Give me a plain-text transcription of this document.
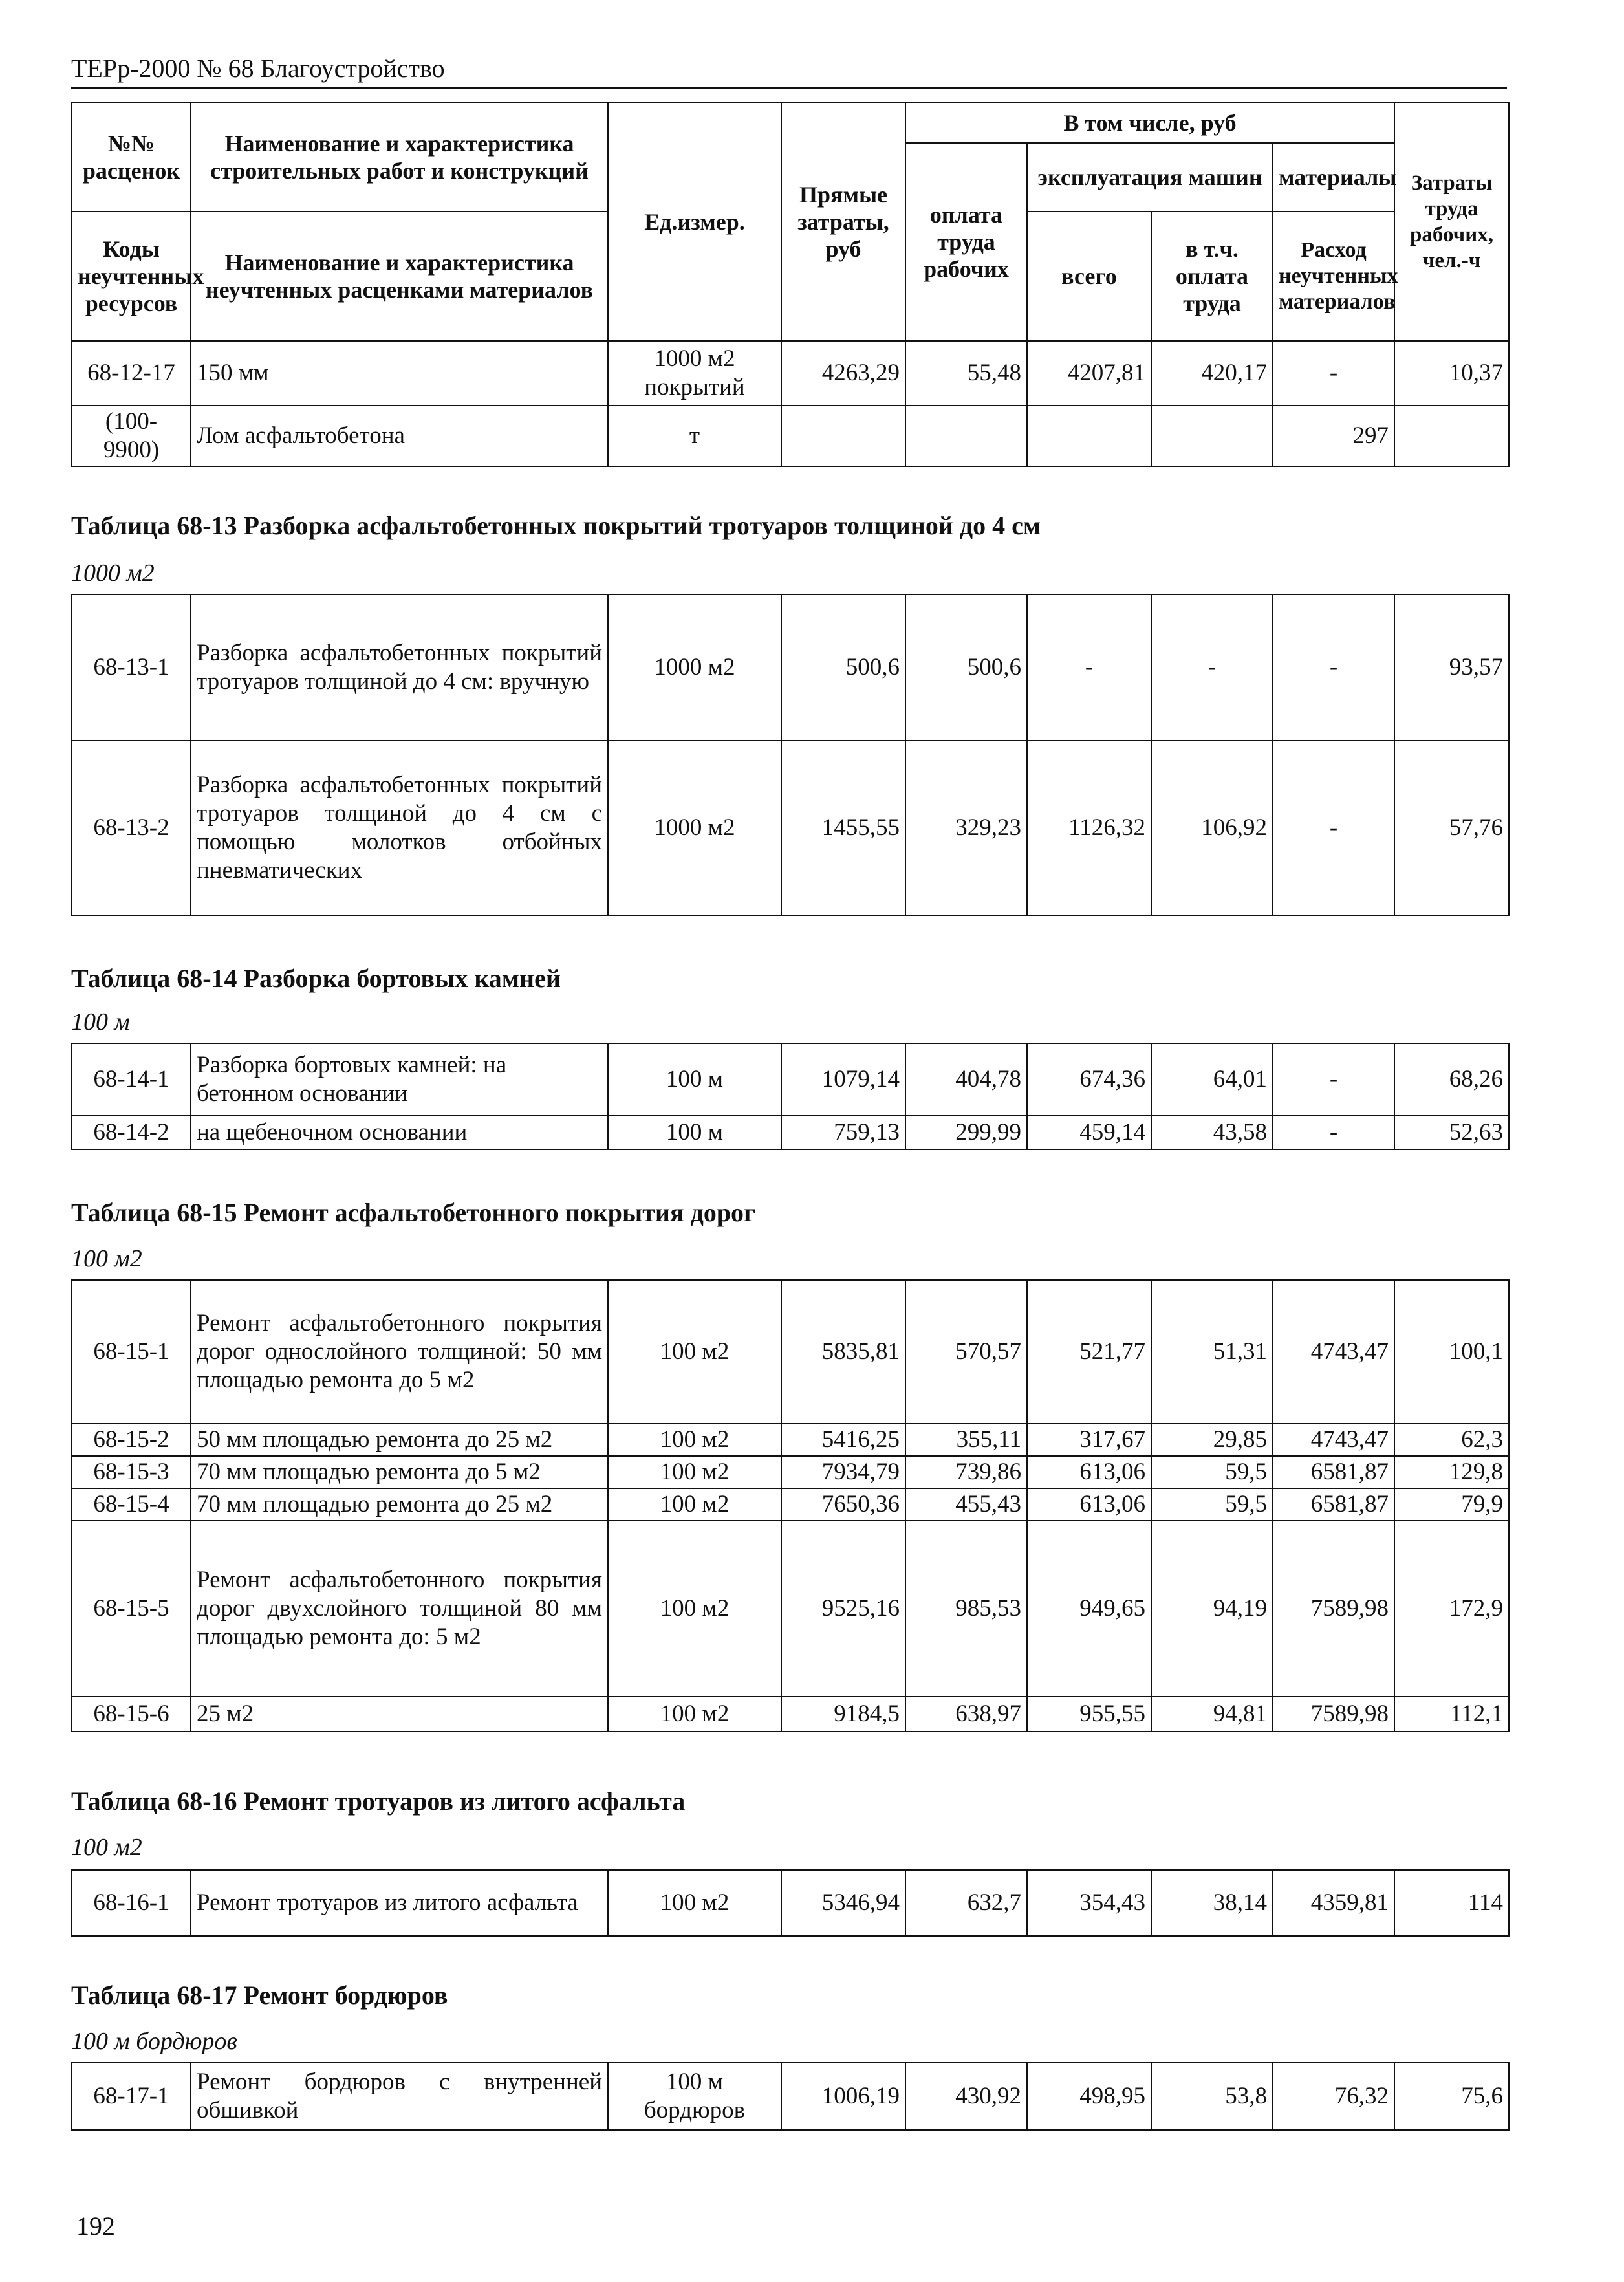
ТЕРр-2000 № 68 Благоустройство
№№ расценок	Наименование и характеристика строительных работ и конструкций	Ед.измер.	Прямые затраты, руб	В том числе, руб				Затраты труда рабочих, чел.-ч
				оплата труда рабочих	эксплуатация машин		материалы	
Коды неучтенных ресурсов	Наименование и характеристика неучтенных расценками материалов				всего	в т.ч. оплата труда	Расход неучтенных материалов	

68-12-17	150 мм	1000 м2 покрытий	4263,29	55,48	4207,81	420,17	-	10,37
(100-9900)	Лом асфальтобетона	т					297	
Таблица 68-13 Разборка асфальтобетонных покрытий тротуаров толщиной до 4 см
1000 м2
68-13-1	Разборка асфальтобетонных покрытий тротуаров толщиной до 4 см: вручную	1000 м2	500,6	500,6	-	-	-	93,57
68-13-2	Разборка асфальтобетонных покрытий тротуаров толщиной до 4 см с помощью молотков отбойных пневматических	1000 м2	1455,55	329,23	1126,32	106,92	-	57,76
Таблица 68-14 Разборка бортовых камней
100 м
68-14-1	Разборка бортовых камней: на бетонном основании	100 м	1079,14	404,78	674,36	64,01	-	68,26
68-14-2	на щебеночном основании	100 м	759,13	299,99	459,14	43,58	-	52,63
Таблица 68-15 Ремонт асфальтобетонного покрытия дорог
100 м2
68-15-1	Ремонт асфальтобетонного покрытия дорог однослойного толщиной: 50 мм площадью ремонта до 5 м2	100 м2	5835,81	570,57	521,77	51,31	4743,47	100,1
68-15-2	50 мм площадью ремонта до 25 м2	100 м2	5416,25	355,11	317,67	29,85	4743,47	62,3
68-15-3	70 мм площадью ремонта до 5 м2	100 м2	7934,79	739,86	613,06	59,5	6581,87	129,8
68-15-4	70 мм площадью ремонта до 25 м2	100 м2	7650,36	455,43	613,06	59,5	6581,87	79,9
68-15-5	Ремонт асфальтобетонного покрытия дорог двухслойного толщиной 80 мм площадью ремонта до: 5 м2	100 м2	9525,16	985,53	949,65	94,19	7589,98	172,9
68-15-6	25 м2	100 м2	9184,5	638,97	955,55	94,81	7589,98	112,1
Таблица 68-16 Ремонт тротуаров из литого асфальта
100 м2
68-16-1	Ремонт тротуаров из литого асфальта	100 м2	5346,94	632,7	354,43	38,14	4359,81	114
Таблица 68-17 Ремонт бордюров
100 м бордюров
68-17-1	Ремонт бордюров с внутренней обшивкой	100 м бордюров	1006,19	430,92	498,95	53,8	76,32	75,6
192
